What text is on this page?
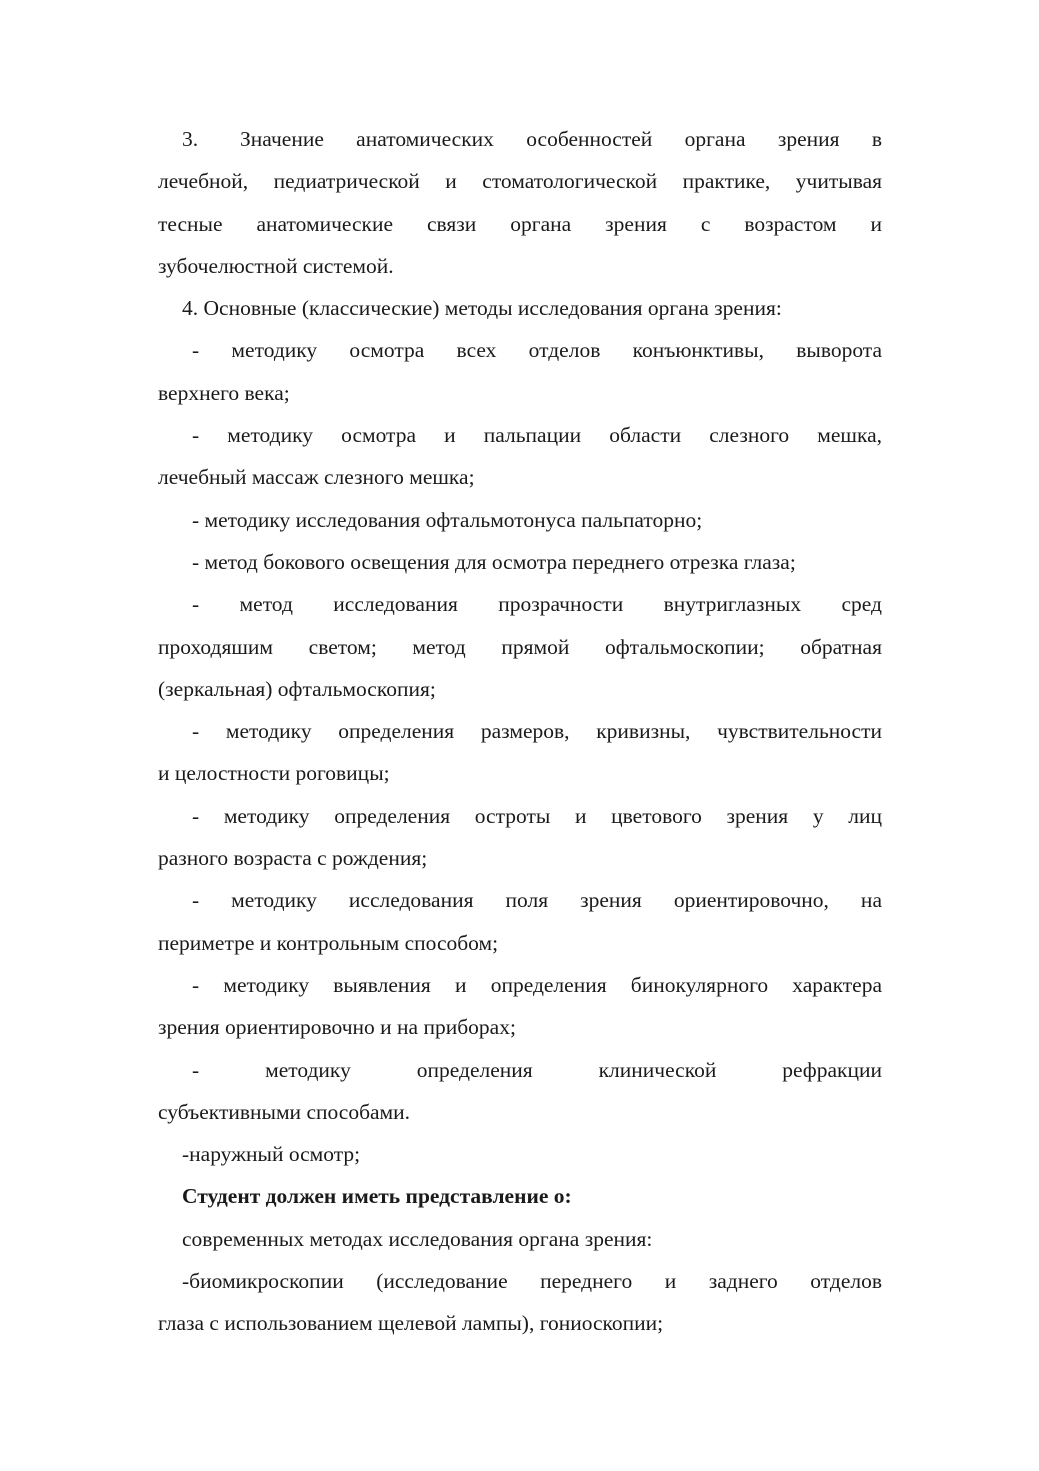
3. Значение анатомических особенностей органа зрения в
лечебной, педиатрической и стоматологической практике, учитывая
тесные анатомические связи органа зрения с возрастом и
зубочелюстной системой.
4. Основные (классические) методы исследования органа зрения:
- методику осмотра всех отделов конъюнктивы, выворота
верхнего века;
- методику осмотра и пальпации области слезного мешка,
лечебный массаж слезного мешка;
- методику исследования офтальмотонуса пальпаторно;
- метод бокового освещения для осмотра переднего отрезка глаза;
- метод исследования прозрачности внутриглазных сред
проходяшим светом; метод прямой офтальмоскопии; обратная
(зеркальная) офтальмоскопия;
- методику определения размеров, кривизны, чувствительности
и целостности роговицы;
- методику определения остроты и цветового зрения у лиц
разного возраста с рождения;
- методику исследования поля зрения ориентировочно, на
периметре и контрольным способом;
- методику выявления и определения бинокулярного характера
зрения ориентировочно и на приборах;
- методику определения клинической рефракции
субъективными способами.
-наружный осмотр;
Студент должен иметь представление о:
современных методах исследования органа зрения:
-биомикроскопии (исследование переднего и заднего отделов
глаза с использованием щелевой лампы), гониоскопии;
